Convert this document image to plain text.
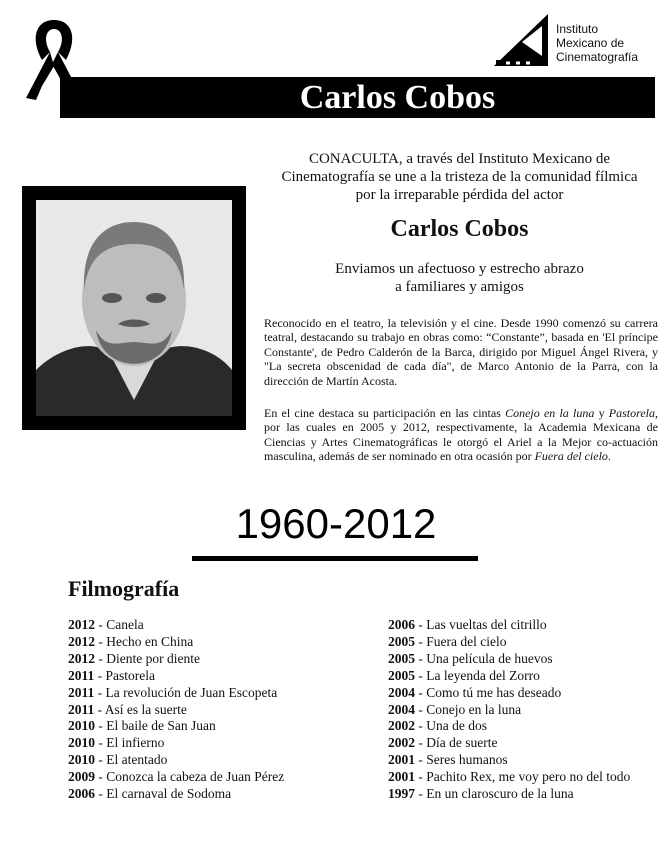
Instituto
Mexicano de
Cinematografía
Carlos Cobos
CONACULTA, a través del Instituto Mexicano de
Cinematografía se une a la tristeza de la comunidad fílmica
por la irreparable pérdida del actor
Carlos Cobos
Enviamos un afectuoso y estrecho abrazo
a familiares y amigos
Reconocido en el teatro, la televisión y el cine. Desde 1990 comenzó su carrera teatral, destacando su trabajo en obras como: “Constante”, basada en 'El príncipe Constante', de Pedro Calderón de la Barca, dirigido por Miguel Ángel Rivera, y "La secreta obscenidad de cada día", de Marco Antonio de la Parra, con la dirección de Martín Acosta.
En el cine destaca su participación en las cintas Conejo en la luna y Pastorela, por las cuales en 2005 y 2012, respectivamente, la Academia Mexicana de Ciencias y Artes Cinematográficas le otorgó el Ariel a la Mejor co-actuación masculina, además de ser nominado en otra ocasión por Fuera del cielo.
1960-2012
Filmografía
2012 - Canela
2012 - Hecho en China
2012 - Diente por diente
2011 - Pastorela
2011 - La revolución de Juan Escopeta
2011 - Así es la suerte
2010 - El baile de San Juan
2010 - El infierno
2010 - El atentado
2009 - Conozca la cabeza de Juan Pérez
2006 - El carnaval de Sodoma
2006 - Las vueltas del citrillo
2005 - Fuera del cielo
2005 - Una película de huevos
2005 - La leyenda del Zorro
2004 - Como tú me has deseado
2004 - Conejo en la luna
2002 - Una de dos
2002 - Día de suerte
2001 - Seres humanos
2001 - Pachito Rex, me voy pero no del todo
1997 - En un claroscuro de la luna
